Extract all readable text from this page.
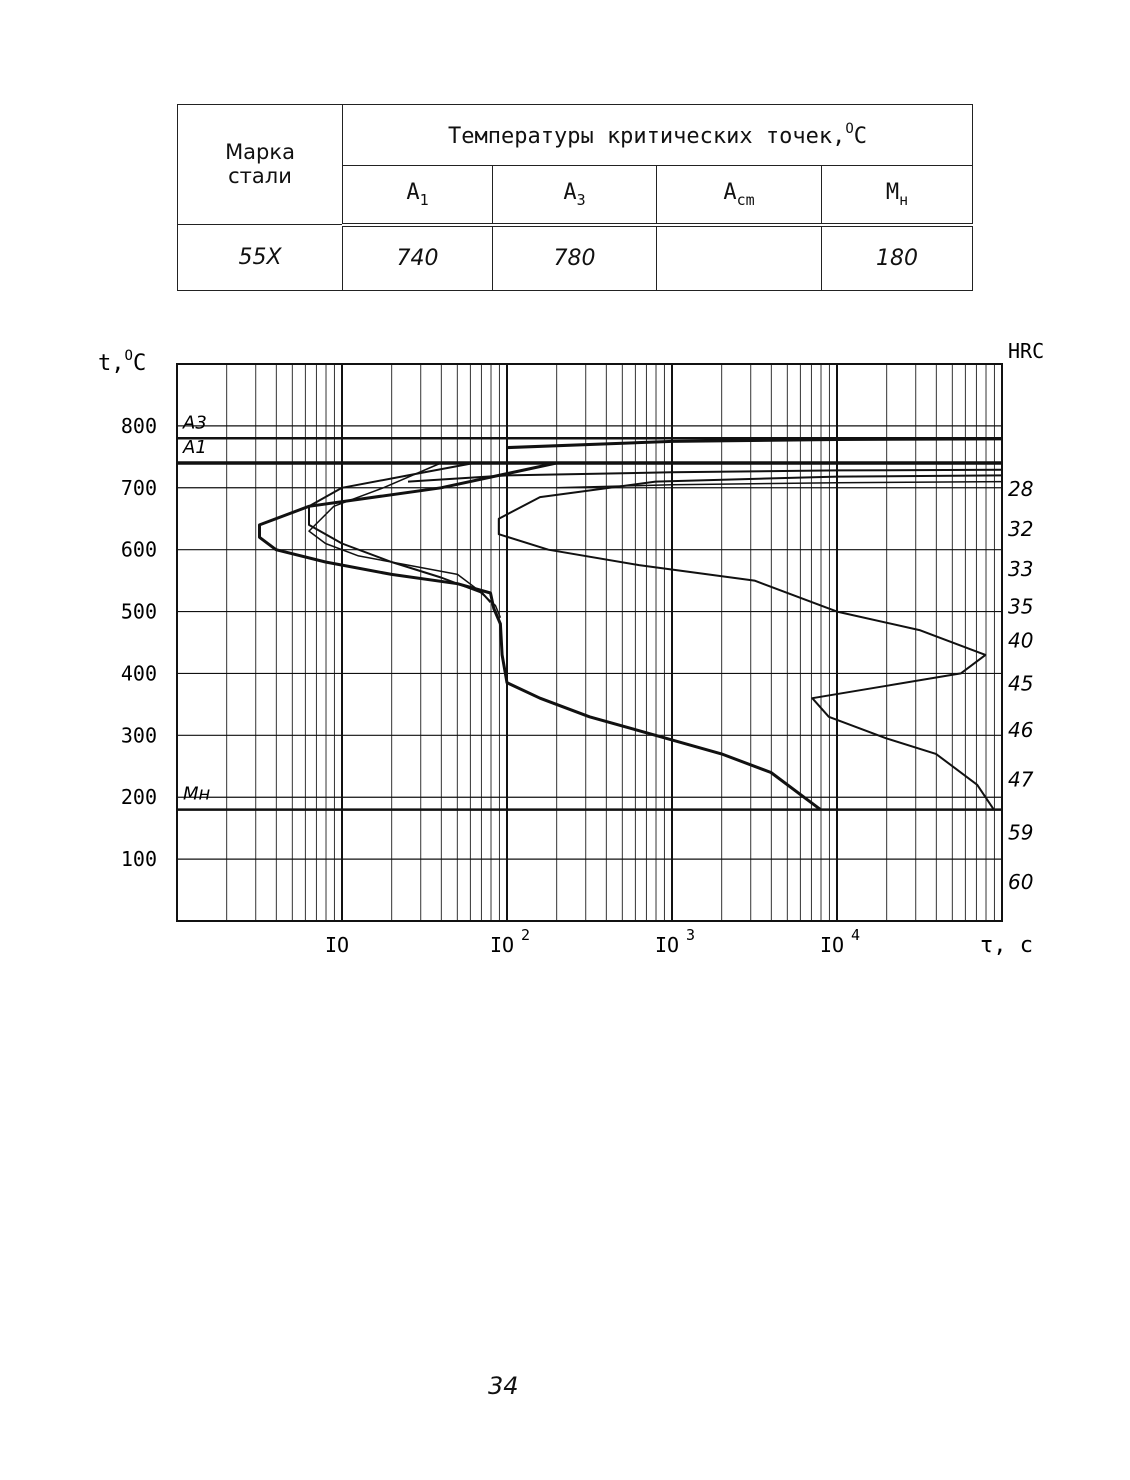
Марка стали	Температуры критических точек,$^O$С			
	$A_1$	$A_3$	$A_{cm}$	$M_н$
55X	740	780		180
A3
A1
Mн
100
200
300
400
500
600
700
800
IO	IO 2	IO 3	IO 4
28
32
33
35
40
45
46
47
59
60
t,$^O$C	HRC
τ, c
34
